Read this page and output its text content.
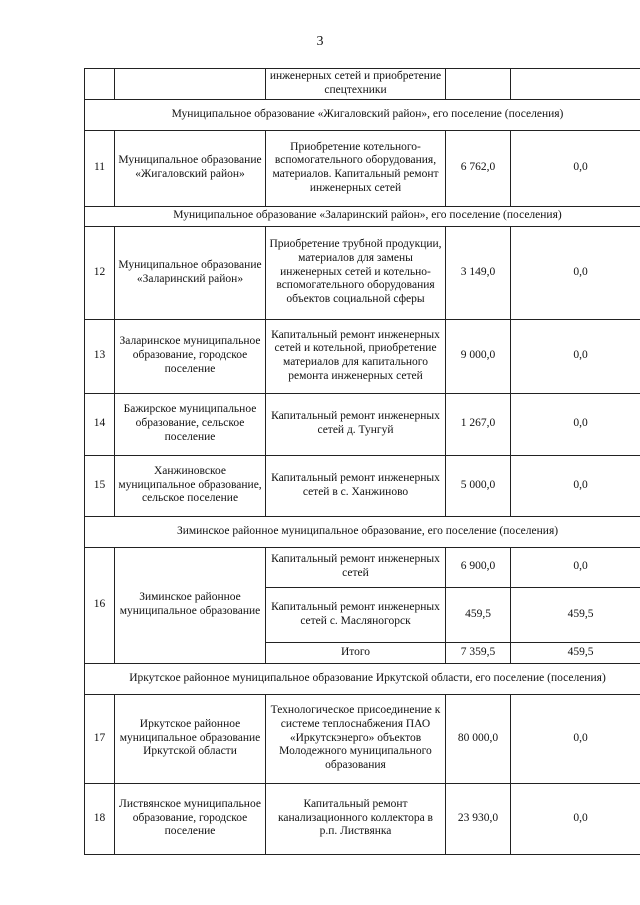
3
		инженерных сетей и приобретение спецтехники		
Муниципальное образование «Жигаловский район», его поселение (поселения)				
11	Муниципальное образование «Жигаловский район»	Приобретение котельного-вспомогательного оборудования, материалов. Капитальный ремонт инженерных сетей	6 762,0	0,0
Муниципальное образование «Заларинский район», его поселение (поселения)				
12	Муниципальное образование «Заларинский район»	Приобретение трубной продукции, материалов для замены инженерных сетей и котельно-вспомогательного оборудования объектов социальной сферы	3 149,0	0,0
13	Заларинское муниципальное образование, городское поселение	Капитальный ремонт инженерных сетей и котельной, приобретение материалов для капитального ремонта инженерных сетей	9 000,0	0,0
14	Бажирское муниципальное образование, сельское поселение	Капитальный ремонт инженерных сетей д. Тунгуй	1 267,0	0,0
15	Ханжиновское муниципальное образование, сельское поселение	Капитальный ремонт инженерных сетей в с. Ханжиново	5 000,0	0,0
Зиминское районное муниципальное образование, его поселение (поселения)				
16	Зиминское районное муниципальное образование	Капитальный ремонт инженерных сетей	6 900,0	0,0
		Капитальный ремонт инженерных сетей с. Масляногорск	459,5	459,5
		Итого	7 359,5	459,5
Иркутское районное муниципальное образование Иркутской области, его поселение (поселения)				
17	Иркутское районное муниципальное образование Иркутской области	Технологическое присоединение к системе теплоснабжения ПАО «Иркутскэнерго» объектов Молодежного муниципального образования	80 000,0	0,0
18	Листвянское муниципальное образование, городское поселение	Капитальный ремонт канализационного коллектора в р.п. Листвянка	23 930,0	0,0
